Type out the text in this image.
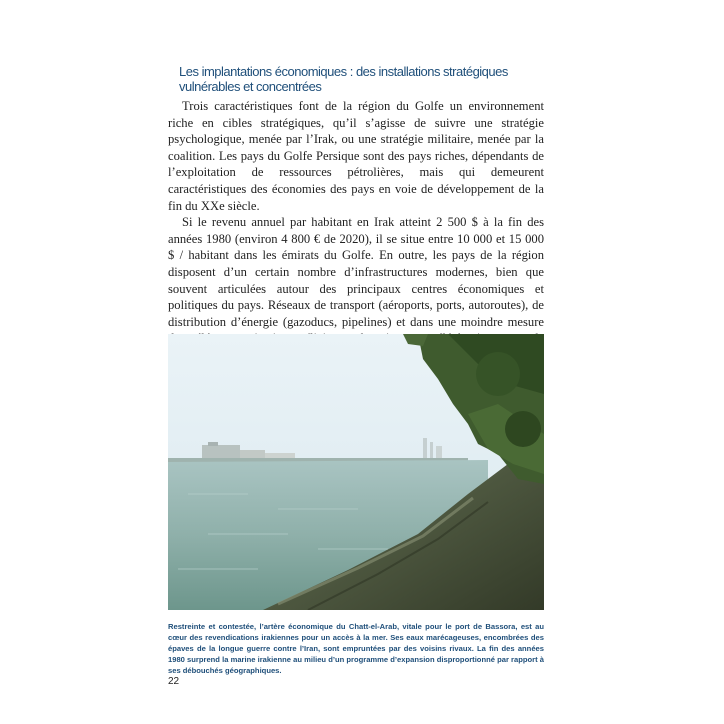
Les implantations économiques : des installations stratégiques vulnérables et concentrées

Trois caractéristiques font de la région du Golfe un environnement riche en cibles stratégiques, qu’il s’agisse de suivre une stratégie psychologique, menée par l’Irak, ou une stratégie militaire, menée par la coalition. Les pays du Golfe Persique sont des pays riches, dépendants de l’exploitation de ressources pétrolières, mais qui demeurent caractéristiques des économies des pays en voie de développement de la fin du XXe siècle.

Si le revenu annuel par habitant en Irak atteint 2 500 $ à la fin des années 1980 (environ 4 800 € de 2020), il se situe entre 10 000 et 15 000 $ / habitant dans les émirats du Golfe. En outre, les pays de la région disposent d’un certain nombre d’infrastructures modernes, bien que souvent articulées autour des principaux centres économiques et politiques du pays. Réseaux de transport (aéroports, ports, autoroutes), de distribution d’énergie (gazoducs, pipelines) et dans une moindre mesure

Restreinte et contestée, l’artère économique du Chatt-el-Arab, vitale pour le port de Bassora, est au cœur des revendications irakiennes pour un accès à la mer. Ses eaux marécageuses, encombrées des épaves de la longue guerre contre l’Iran, sont empruntées par des voisins rivaux. La fin des années 1980 surprend la marine irakienne au milieu d’un programme d’expansion disproportionné par rapport à ses débouchés géographiques.
22
